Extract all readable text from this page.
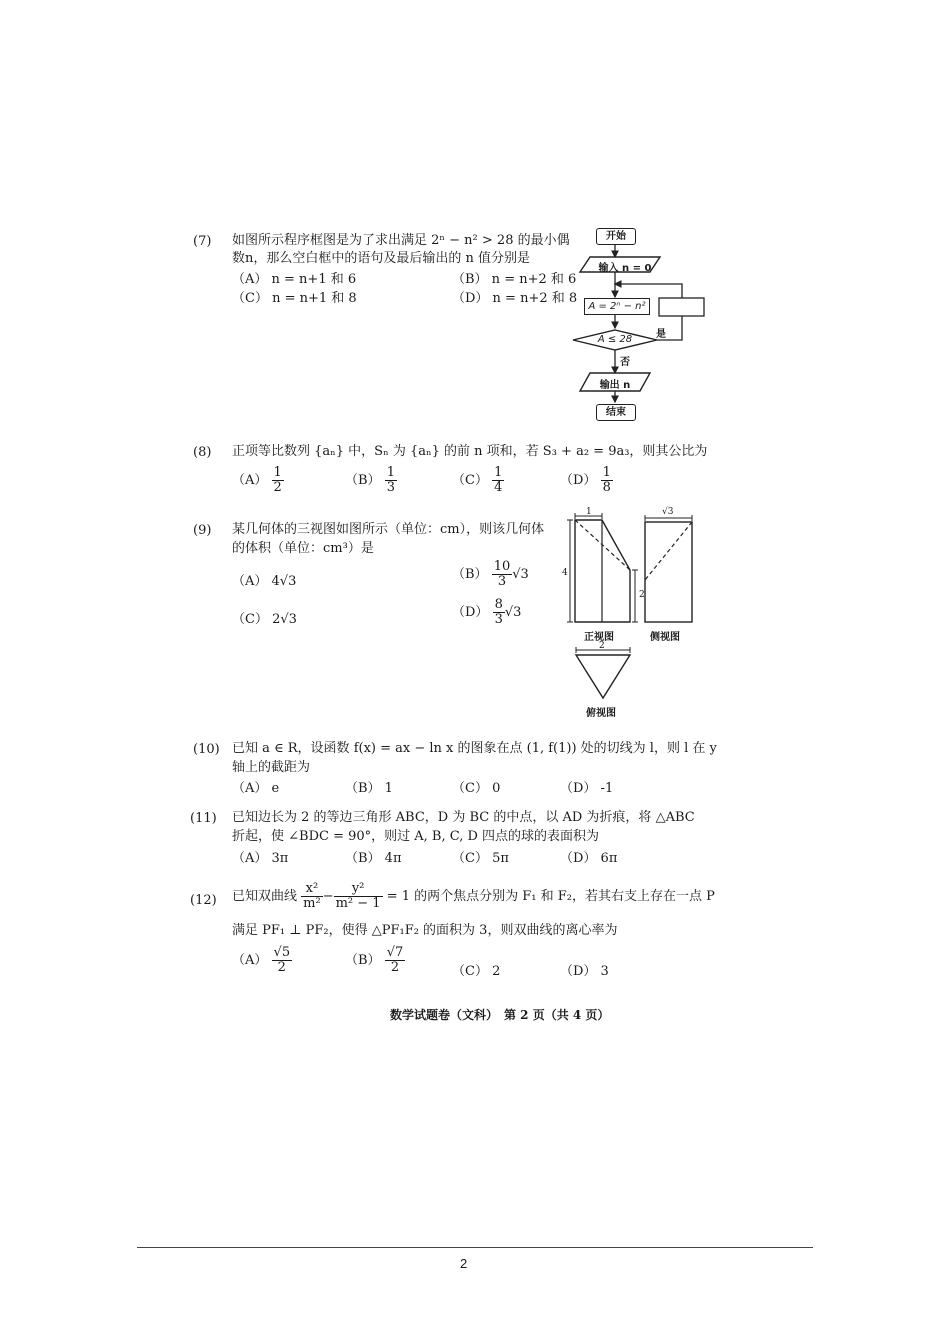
(7) 如图所示程序框图是为了求出满足 2ⁿ − n² > 28 的最小偶
数n，那么空白框中的语句及最后输出的 n 值分别是
（A） n = n+1 和 6	（B） n = n+2 和 6
（C） n = n+1 和 8	（D） n = n+2 和 8
开始
输入 n = 0
A = 2ⁿ − n²
A ≤ 28	是
否
输出 n
结束
(8) 正项等比数列 {aₙ} 中，Sₙ 为 {aₙ} 的前 n 项和，若 S₃ + a₂ = 9a₃，则其公比为
$(A) \frac{1}{2}$	$(B) \frac{1}{3}$	$(C) \frac{1}{4}$	$(D) \frac{1}{8}$
(9) 某几何体的三视图如图所示（单位：cm），则该几何体
的体积（单位：cm³）是
（A） 4√3	$(B) \frac{10}{3} √3$
（C） 2√3	$(D) \frac{8}{3} √3$
1
4
2
√3
2
正视图	侧视图
俯视图
(10) 已知 a ∈ R，设函数 f(x) = ax − ln x 的图象在点 (1, f(1)) 处的切线为 l，则 l 在 y
轴上的截距为
（A） e	（B） 1	（C） 0	（D） -1
(11) 已知边长为 2 的等边三角形 ABC，D 为 BC 的中点，以 AD 为折痕，将 △ABC
折起，使 ∠BDC = 90°，则过 A, B, C, D 四点的球的表面积为
（A） 3π	（B） 4π	（C） 5π	（D） 6π
(12) 已知双曲线 $\frac{\text{x²}}{\text{m²}} - \frac{\text{y²}}{\text{m² − 1}} = 1$ 的两个焦点分别为 F₁ 和 F₂，若其右支上存在一点 P
满足 PF₁ ⊥ PF₂，使得 △PF₁F₂ 的面积为 3，则双曲线的离心率为
$(A) \frac{√5}{2}$	$(B) \frac{√7}{2}$	（C） 2	（D） 3
数学试题卷（文科）　第 2 页（共 4 页）
2
